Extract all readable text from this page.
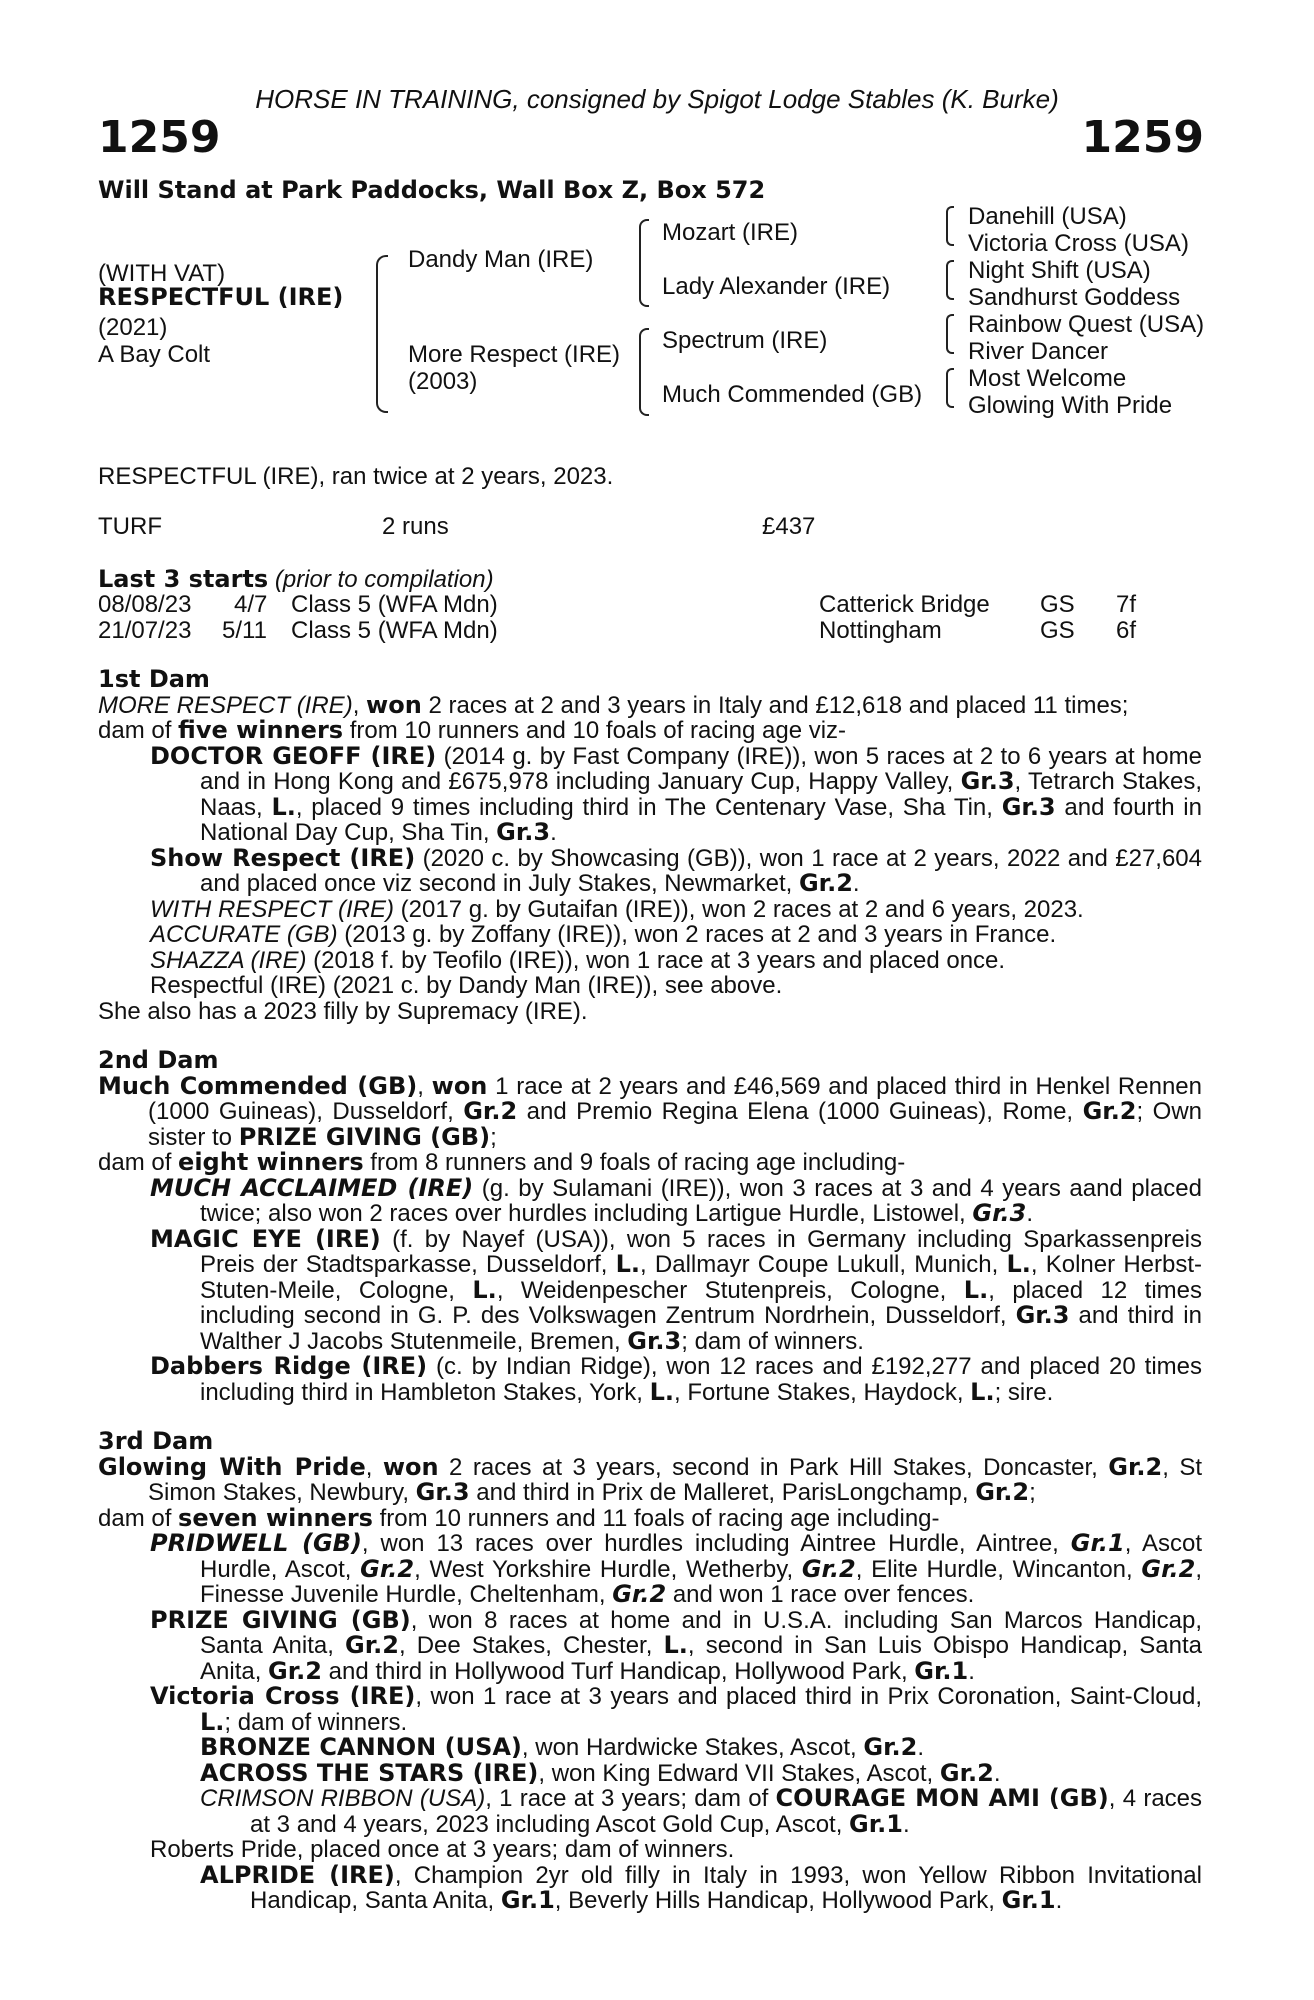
HORSE IN TRAINING, consigned by Spigot Lodge Stables (K. Burke)
1259	1259
Will Stand at Park Paddocks, Wall Box Z, Box 572
(WITH VAT)
RESPECTFUL (IRE)
(2021)
A Bay Colt
Dandy Man (IRE)
More Respect (IRE)
(2003)
Mozart (IRE)
Lady Alexander (IRE)
Spectrum (IRE)
Much Commended (GB)
Danehill (USA)
Victoria Cross (USA)
Night Shift (USA)
Sandhurst Goddess
Rainbow Quest (USA)
River Dancer
Most Welcome
Glowing With Pride
RESPECTFUL (IRE), ran twice at 2 years, 2023.
TURF	2 runs	£437
Last 3 starts (prior to compilation)
08/08/23 4/7 Class 5 (WFA Mdn)	Catterick Bridge GS 7f
21/07/23 5/11 Class 5 (WFA Mdn)	Nottingham	GS 6f
1st Dam
MORE RESPECT (IRE), won 2 races at 2 and 3 years in Italy and £12,618 and placed 11 times;
dam of five winners from 10 runners and 10 foals of racing age viz-
DOCTOR GEOFF (IRE) (2014 g. by Fast Company (IRE)), won 5 races at 2 to 6 years at home and in Hong Kong and £675,978 including January Cup, Happy Valley, Gr.3, Tetrarch Stakes, Naas, L., placed 9 times including third in The Centenary Vase, Sha Tin, Gr.3 and fourth in National Day Cup, Sha Tin, Gr.3.
Show Respect (IRE) (2020 c. by Showcasing (GB)), won 1 race at 2 years, 2022 and £27,604 and placed once viz second in July Stakes, Newmarket, Gr.2.
WITH RESPECT (IRE) (2017 g. by Gutaifan (IRE)), won 2 races at 2 and 6 years, 2023.
ACCURATE (GB) (2013 g. by Zoffany (IRE)), won 2 races at 2 and 3 years in France.
SHAZZA (IRE) (2018 f. by Teofilo (IRE)), won 1 race at 3 years and placed once.
Respectful (IRE) (2021 c. by Dandy Man (IRE)), see above.
She also has a 2023 filly by Supremacy (IRE).
2nd Dam
Much Commended (GB), won 1 race at 2 years and £46,569 and placed third in Henkel Rennen (1000 Guineas), Dusseldorf, Gr.2 and Premio Regina Elena (1000 Guineas), Rome, Gr.2; Own sister to PRIZE GIVING (GB);
dam of eight winners from 8 runners and 9 foals of racing age including-
MUCH ACCLAIMED (IRE) (g. by Sulamani (IRE)), won 3 races at 3 and 4 years aand placed twice; also won 2 races over hurdles including Lartigue Hurdle, Listowel, Gr.3.
MAGIC EYE (IRE) (f. by Nayef (USA)), won 5 races in Germany including Sparkassenpreis Preis der Stadtsparkasse, Dusseldorf, L., Dallmayr Coupe Lukull, Munich, L., Kolner Herbst-Stuten-Meile, Cologne, L., Weidenpescher Stutenpreis, Cologne, L., placed 12 times including second in G. P. des Volkswagen Zentrum Nordrhein, Dusseldorf, Gr.3 and third in Walther J Jacobs Stutenmeile, Bremen, Gr.3; dam of winners.
Dabbers Ridge (IRE) (c. by Indian Ridge), won 12 races and £192,277 and placed 20 times including third in Hambleton Stakes, York, L., Fortune Stakes, Haydock, L.; sire.
3rd Dam
Glowing With Pride, won 2 races at 3 years, second in Park Hill Stakes, Doncaster, Gr.2, St Simon Stakes, Newbury, Gr.3 and third in Prix de Malleret, ParisLongchamp, Gr.2;
dam of seven winners from 10 runners and 11 foals of racing age including-
PRIDWELL (GB), won 13 races over hurdles including Aintree Hurdle, Aintree, Gr.1, Ascot Hurdle, Ascot, Gr.2, West Yorkshire Hurdle, Wetherby, Gr.2, Elite Hurdle, Wincanton, Gr.2, Finesse Juvenile Hurdle, Cheltenham, Gr.2 and won 1 race over fences.
PRIZE GIVING (GB), won 8 races at home and in U.S.A. including San Marcos Handicap, Santa Anita, Gr.2, Dee Stakes, Chester, L., second in San Luis Obispo Handicap, Santa Anita, Gr.2 and third in Hollywood Turf Handicap, Hollywood Park, Gr.1.
Victoria Cross (IRE), won 1 race at 3 years and placed third in Prix Coronation, Saint-Cloud, L.; dam of winners.
BRONZE CANNON (USA), won Hardwicke Stakes, Ascot, Gr.2.
ACROSS THE STARS (IRE), won King Edward VII Stakes, Ascot, Gr.2.
CRIMSON RIBBON (USA), 1 race at 3 years; dam of COURAGE MON AMI (GB), 4 races at 3 and 4 years, 2023 including Ascot Gold Cup, Ascot, Gr.1.
Roberts Pride, placed once at 3 years; dam of winners.
ALPRIDE (IRE), Champion 2yr old filly in Italy in 1993, won Yellow Ribbon Invitational Handicap, Santa Anita, Gr.1, Beverly Hills Handicap, Hollywood Park, Gr.1.
